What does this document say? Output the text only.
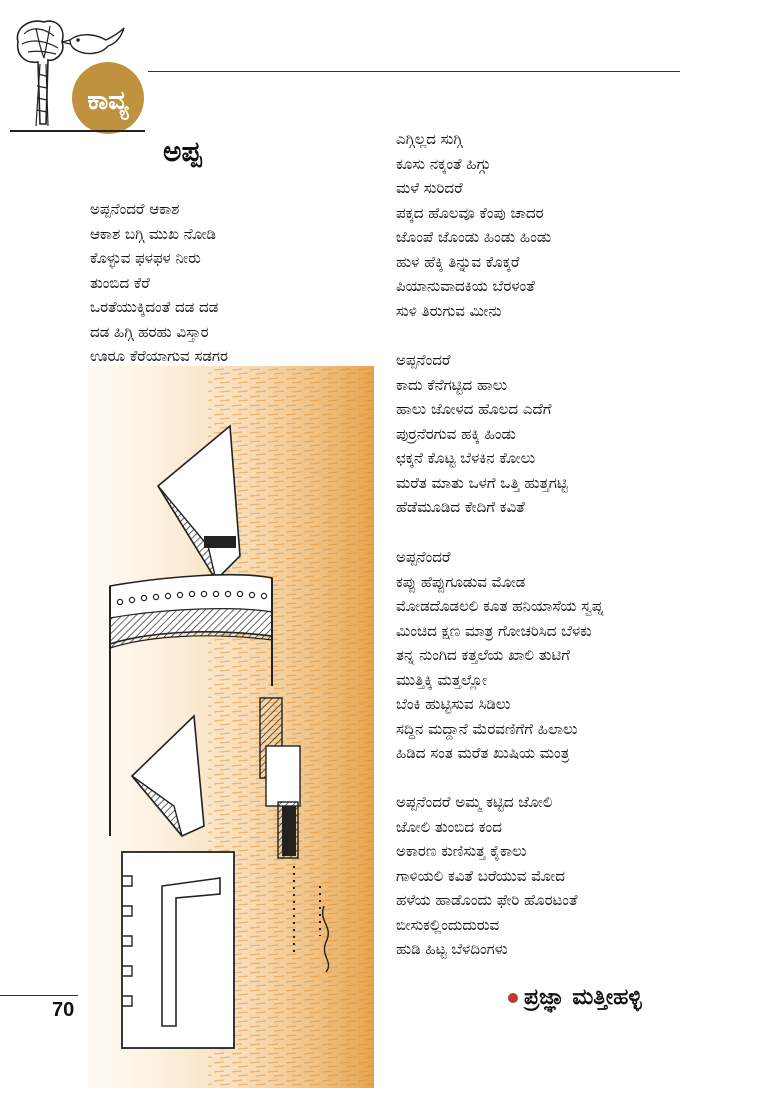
ಕಾವ್ಯ
ಅಪ್ಪ
ಅಪ್ಪನೆಂದರೆ ಆಕಾಶ
ಆಕಾಶ ಬಗ್ಗಿ ಮುಖ ನೋಡಿ
ಕೊಳ್ಳುವ ಫಳಫಳ ನೀರು
ತುಂಬಿದ ಕೆರೆ
ಒರತೆಯುಕ್ಕಿದಂತೆ ದಡ ದಡ
ದಡ ಹಿಗ್ಗಿ ಹರಹು ವಿಸ್ತಾರ
ಊರೂ ಕೆರೆಯಾಗುವ ಸಡಗರ
ಎಗ್ಗಿಲ್ಲದ ಸುಗ್ಗಿ
ಕೂಸು ನಕ್ಕಂತೆ ಹಿಗ್ಗು
ಮಳೆ ಸುರಿದರೆ
ಪಕ್ಕದ ಹೊಲವೂ ಕೆಂಪು ಚಾದರ
ಜೊಂಪೆ ಜೊಂಡು ಹಿಂಡು ಹಿಂಡು
ಹುಳ ಹೆಕ್ಕಿ ತಿನ್ನುವ ಕೊಕ್ಕರೆ
ಪಿಯಾನುವಾದಕಿಯ ಬೆರಳಂತೆ
ಸುಳಿ ತಿರುಗುವ ಮೀನು
ಅಪ್ಪನೆಂದರೆ
ಕಾದು ಕೆನೆಗಟ್ಟಿದ ಹಾಲು
ಹಾಲು ಜೋಳದ ಹೊಲದ ಎದೆಗೆ
ಪುರ್ರನೆರಗುವ ಹಕ್ಕಿ ಹಿಂಡು
ಛಕ್ಕನೆ ಕೊಟ್ಟ ಬೆಳಕಿನ ಕೋಲು
ಮರೆತ ಮಾತು ಒಳಗೆ ಒತ್ತಿ ಹುತ್ತಗಟ್ಟಿ
ಹೆಡೆಮೂಡಿದ ಕೇದಿಗೆ ಕವಿತೆ
ಅಪ್ಪನೆಂದರೆ
ಕಪ್ಪು ಹೆಪ್ಪುಗೂಡುವ ಮೋಡ
ಮೋಡದೊಡಲಲಿ ಕೂತ ಹನಿಯಾಸೆಯ ಸ್ವಪ್ನ
ಮಿಂಚಿದ ಕ್ಷಣ ಮಾತ್ರ ಗೋಚರಿಸಿದ ಬೆಳಕು
ತನ್ನ ನುಂಗಿದ ಕತ್ತಲೆಯ ಖಾಲಿ ತುಟಿಗೆ
ಮುತ್ತಿಕ್ಕಿ ಮತ್ತಲ್ಲೋ
ಬೆಂಕಿ ಹುಟ್ಟಿಸುವ ಸಿಡಿಲು
ಸದ್ದಿನ ಮದ್ದಾನೆ ಮೆರವಣಿಗೆಗೆ ಹಿಲಾಲು
ಹಿಡಿದ ಸಂತ ಮರೆತ ಖುಷಿಯ ಮಂತ್ರ
ಅಪ್ಪನೆಂದರೆ ಅಮ್ಮ ಕಟ್ಟಿದ ಜೋಲಿ
ಜೋಲಿ ತುಂಬಿದ ಕಂದ
ಅಕಾರಣ ಕುಣಿಸುತ್ತ ಕೈಕಾಲು
ಗಾಳಿಯಲಿ ಕವಿತೆ ಬರೆಯುವ ಮೋದ
ಹಳೆಯ ಹಾಡೊಂದು ಫೇರಿ ಹೊರಟಂತೆ
ಬೀಸುಕಲ್ಲಿಂದುದುರುವ
ಹುಡಿ ಹಿಟ್ಟ ಬೆಳದಿಂಗಳು
ಪ್ರಜ್ಞಾ ಮತ್ತೀಹಳ್ಳಿ
70
